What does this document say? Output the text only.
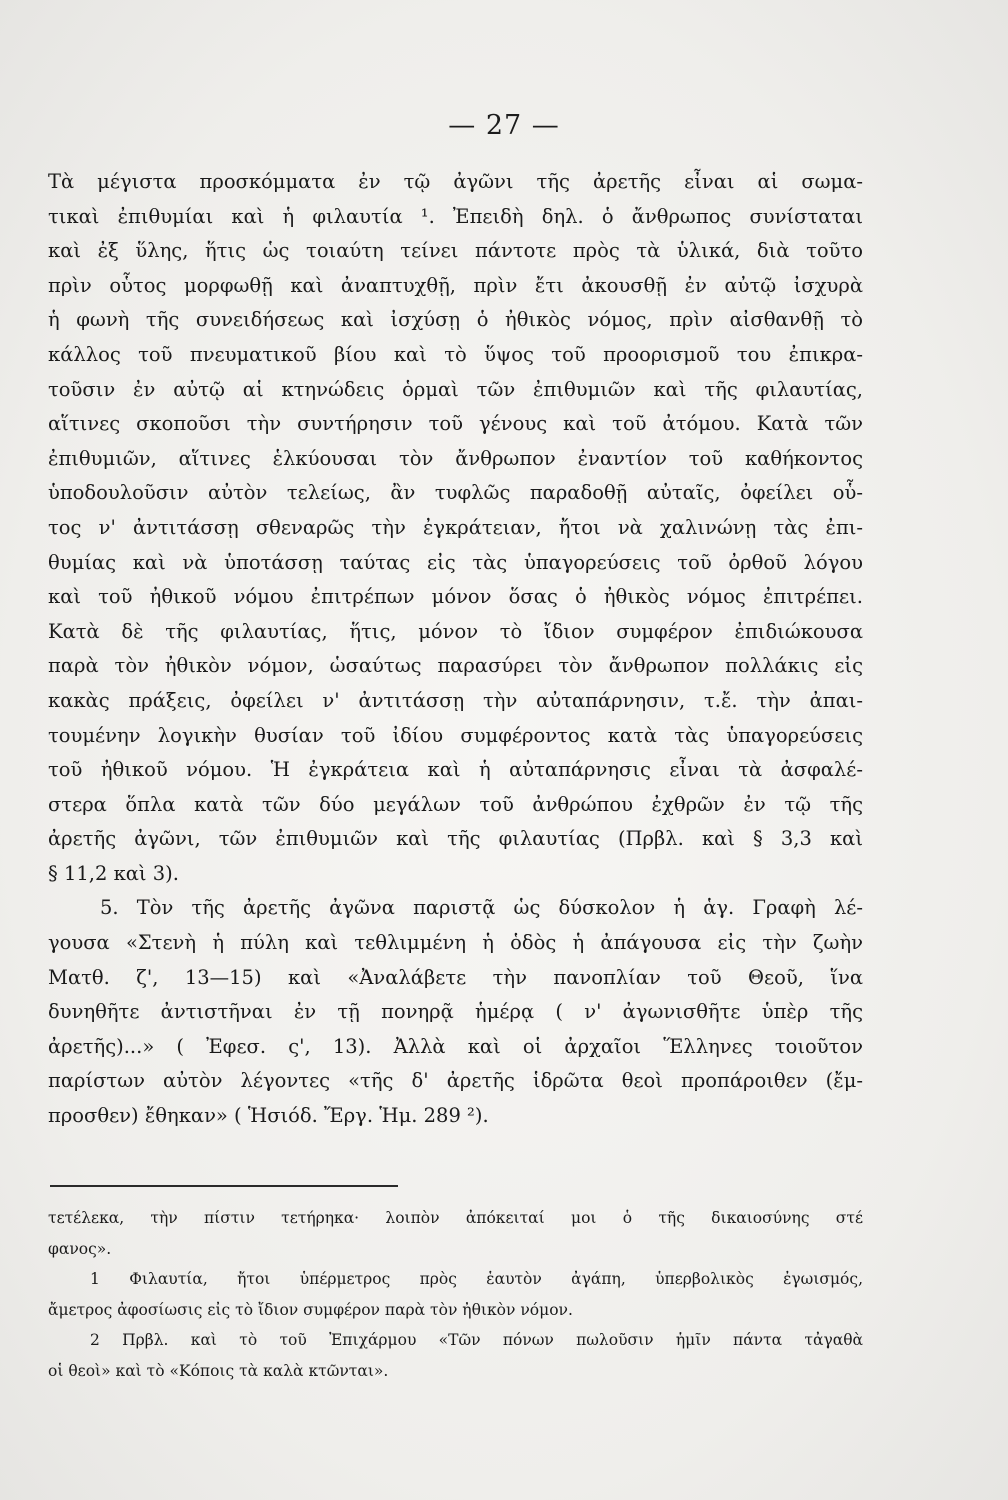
— 27 —
Τὰ μέγιστα προσκόμματα ἐν τῷ ἀγῶνι τῆς ἀρετῆς εἶναι αἱ σωμα-
τικαὶ ἐπιθυμίαι καὶ ἡ φιλαυτία ¹. Ἐπειδὴ δηλ. ὁ ἄνθρωπος συνίσταται
καὶ ἐξ ὕλης, ἥτις ὡς τοιαύτη τείνει πάντοτε πρὸς τὰ ὑλικά, διὰ τοῦτο
πρὶν οὗτος μορφωθῇ καὶ ἀναπτυχθῇ, πρὶν ἔτι ἀκουσθῇ ἐν αὐτῷ ἰσχυρὰ
ἡ φωνὴ τῆς συνειδήσεως καὶ ἰσχύσῃ ὁ ἠθικὸς νόμος, πρὶν αἰσθανθῇ τὸ
κάλλος τοῦ πνευματικοῦ βίου καὶ τὸ ὕψος τοῦ προορισμοῦ του ἐπικρα-
τοῦσιν ἐν αὐτῷ αἱ κτηνώδεις ὁρμαὶ τῶν ἐπιθυμιῶν καὶ τῆς φιλαυτίας,
αἵτινες σκοποῦσι τὴν συντήρησιν τοῦ γένους καὶ τοῦ ἀτόμου. Κατὰ τῶν
ἐπιθυμιῶν, αἵτινες ἑλκύουσαι τὸν ἄνθρωπον ἐναντίον τοῦ καθήκοντος
ὑποδουλοῦσιν αὐτὸν τελείως, ἂν τυφλῶς παραδοθῇ αὐταῖς, ὀφείλει οὗ-
τος ν' ἀντιτάσσῃ σθεναρῶς τὴν ἐγκράτειαν, ἤτοι νὰ χαλινώνῃ τὰς ἐπι-
θυμίας καὶ νὰ ὑποτάσσῃ ταύτας εἰς τὰς ὑπαγορεύσεις τοῦ ὀρθοῦ λόγου
καὶ τοῦ ἠθικοῦ νόμου ἐπιτρέπων μόνον ὅσας ὁ ἠθικὸς νόμος ἐπιτρέπει.
Κατὰ δὲ τῆς φιλαυτίας, ἥτις, μόνον τὸ ἴδιον συμφέρον ἐπιδιώκουσα
παρὰ τὸν ἠθικὸν νόμον, ὡσαύτως παρασύρει τὸν ἄνθρωπον πολλάκις εἰς
κακὰς πράξεις, ὀφείλει ν' ἀντιτάσσῃ τὴν αὐταπάρνησιν, τ.ἔ. τὴν ἀπαι-
τουμένην λογικὴν θυσίαν τοῦ ἰδίου συμφέροντος κατὰ τὰς ὑπαγορεύσεις
τοῦ ἠθικοῦ νόμου. Ἡ ἐγκράτεια καὶ ἡ αὐταπάρνησις εἶναι τὰ ἀσφαλέ-
στερα ὅπλα κατὰ τῶν δύο μεγάλων τοῦ ἀνθρώπου ἐχθρῶν ἐν τῷ τῆς
ἀρετῆς ἀγῶνι, τῶν ἐπιθυμιῶν καὶ τῆς φιλαυτίας (Πρβλ. καὶ § 3,3 καὶ
§ 11,2 καὶ 3).
5. Τὸν τῆς ἀρετῆς ἀγῶνα παριστᾷ ὡς δύσκολον ἡ ἁγ. Γραφὴ λέ-
γουσα «Στενὴ ἡ πύλη καὶ τεθλιμμένη ἡ ὁδὸς ἡ ἀπάγουσα εἰς τὴν ζωὴν
Ματθ. ζ', 13—15) καὶ «Ἀναλάβετε τὴν πανοπλίαν τοῦ Θεοῦ, ἵνα
δυνηθῆτε ἀντιστῆναι ἐν τῇ πονηρᾷ ἡμέρᾳ ( ν' ἀγωνισθῆτε ὑπὲρ τῆς
ἀρετῆς)...» ( Ἐφεσ. ς', 13). Ἀλλὰ καὶ οἱ ἀρχαῖοι Ἕλληνες τοιοῦτον
παρίστων αὐτὸν λέγοντες «τῆς δ' ἀρετῆς ἱδρῶτα θεοὶ προπάροιθεν (ἔμ-
προσθεν) ἔθηκαν» ( Ἡσιόδ. Ἔργ. Ἡμ. 289 ²).
τετέλεκα, τὴν πίστιν τετήρηκα· λοιπὸν ἀπόκειταί μοι ὁ τῆς δικαιοσύνης στέ
φανος».
1 Φιλαυτία, ἤτοι ὑπέρμετρος πρὸς ἑαυτὸν ἀγάπη, ὑπερβολικὸς ἐγωισμός,
ἄμετρος ἀφοσίωσις εἰς τὸ ἴδιον συμφέρον παρὰ τὸν ἠθικὸν νόμον.
2 Πρβλ. καὶ τὸ τοῦ Ἐπιχάρμου «Τῶν πόνων πωλοῦσιν ἡμῖν πάντα τἀγαθὰ
οἱ θεοὶ» καὶ τὸ «Κόποις τὰ καλὰ κτῶνται».
